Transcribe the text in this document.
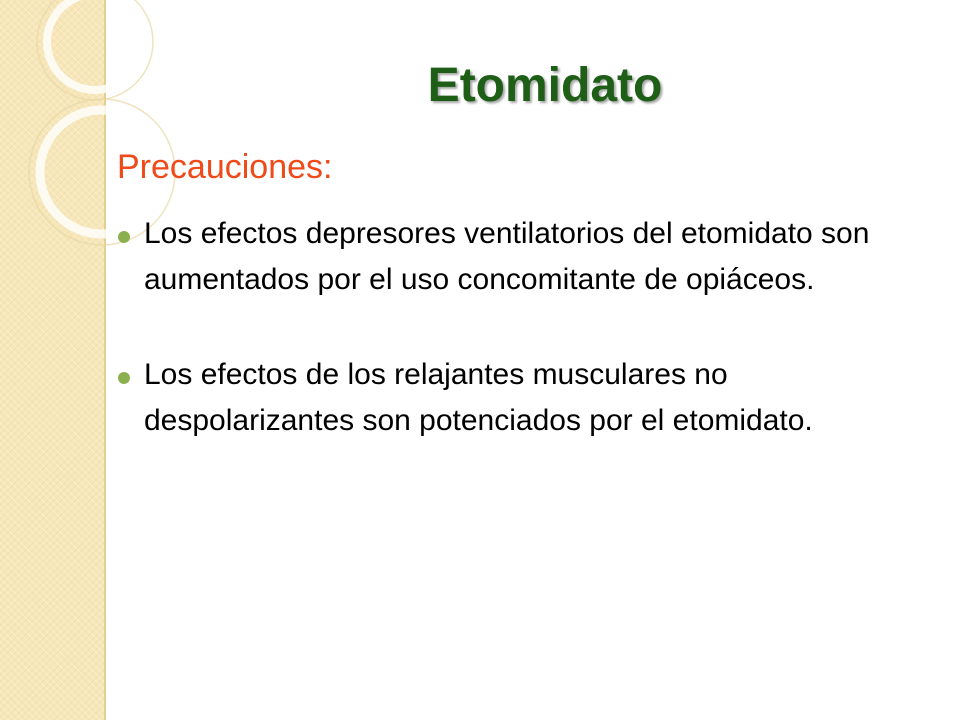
Etomidato
Precauciones:
Los efectos depresores ventilatorios del etomidato son aumentados por el uso concomitante de opiáceos.
Los efectos de los relajantes musculares no despolarizantes son potenciados por el etomidato.
